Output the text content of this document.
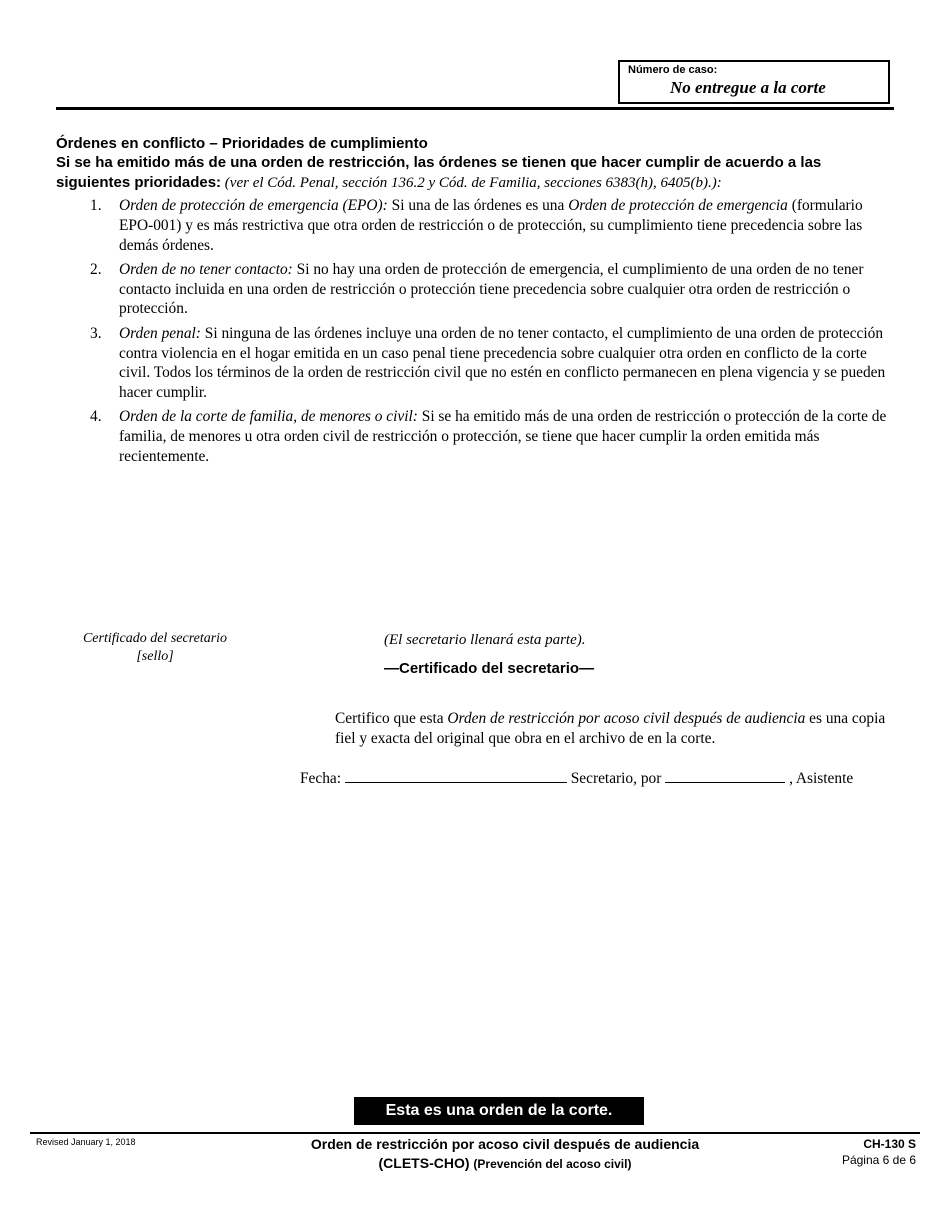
Número de caso:
No entregue a la corte
Órdenes en conflicto – Prioridades de cumplimiento
Si se ha emitido más de una orden de restricción, las órdenes se tienen que hacer cumplir de acuerdo a las siguientes prioridades: (ver el Cód. Penal, sección 136.2 y Cód. de Familia, secciones 6383(h), 6405(b).):
1. Orden de protección de emergencia (EPO): Si una de las órdenes es una Orden de protección de emergencia (formulario EPO-001) y es más restrictiva que otra orden de restricción o de protección, su cumplimiento tiene precedencia sobre las demás órdenes.
2. Orden de no tener contacto: Si no hay una orden de protección de emergencia, el cumplimiento de una orden de no tener contacto incluida en una orden de restricción o protección tiene precedencia sobre cualquier otra orden de restricción o protección.
3. Orden penal: Si ninguna de las órdenes incluye una orden de no tener contacto, el cumplimiento de una orden de protección contra violencia en el hogar emitida en un caso penal tiene precedencia sobre cualquier otra orden en conflicto de la corte civil. Todos los términos de la orden de restricción civil que no estén en conflicto permanecen en plena vigencia y se pueden hacer cumplir.
4. Orden de la corte de familia, de menores o civil: Si se ha emitido más de una orden de restricción o protección de la corte de familia, de menores u otra orden civil de restricción o protección, se tiene que hacer cumplir la orden emitida más recientemente.
Certificado del secretario
[sello]
(El secretario llenará esta parte).
—Certificado del secretario—
Certifico que esta Orden de restricción por acoso civil después de audiencia es una copia fiel y exacta del original que obra en el archivo de en la corte.
Fecha:	Secretario, por	, Asistente
Esta es una orden de la corte.
Revised January 1, 2018	Orden de restricción por acoso civil después de audiencia
(CLETS-CHO) (Prevención del acoso civil)
CH-130 S
Página 6 de 6
